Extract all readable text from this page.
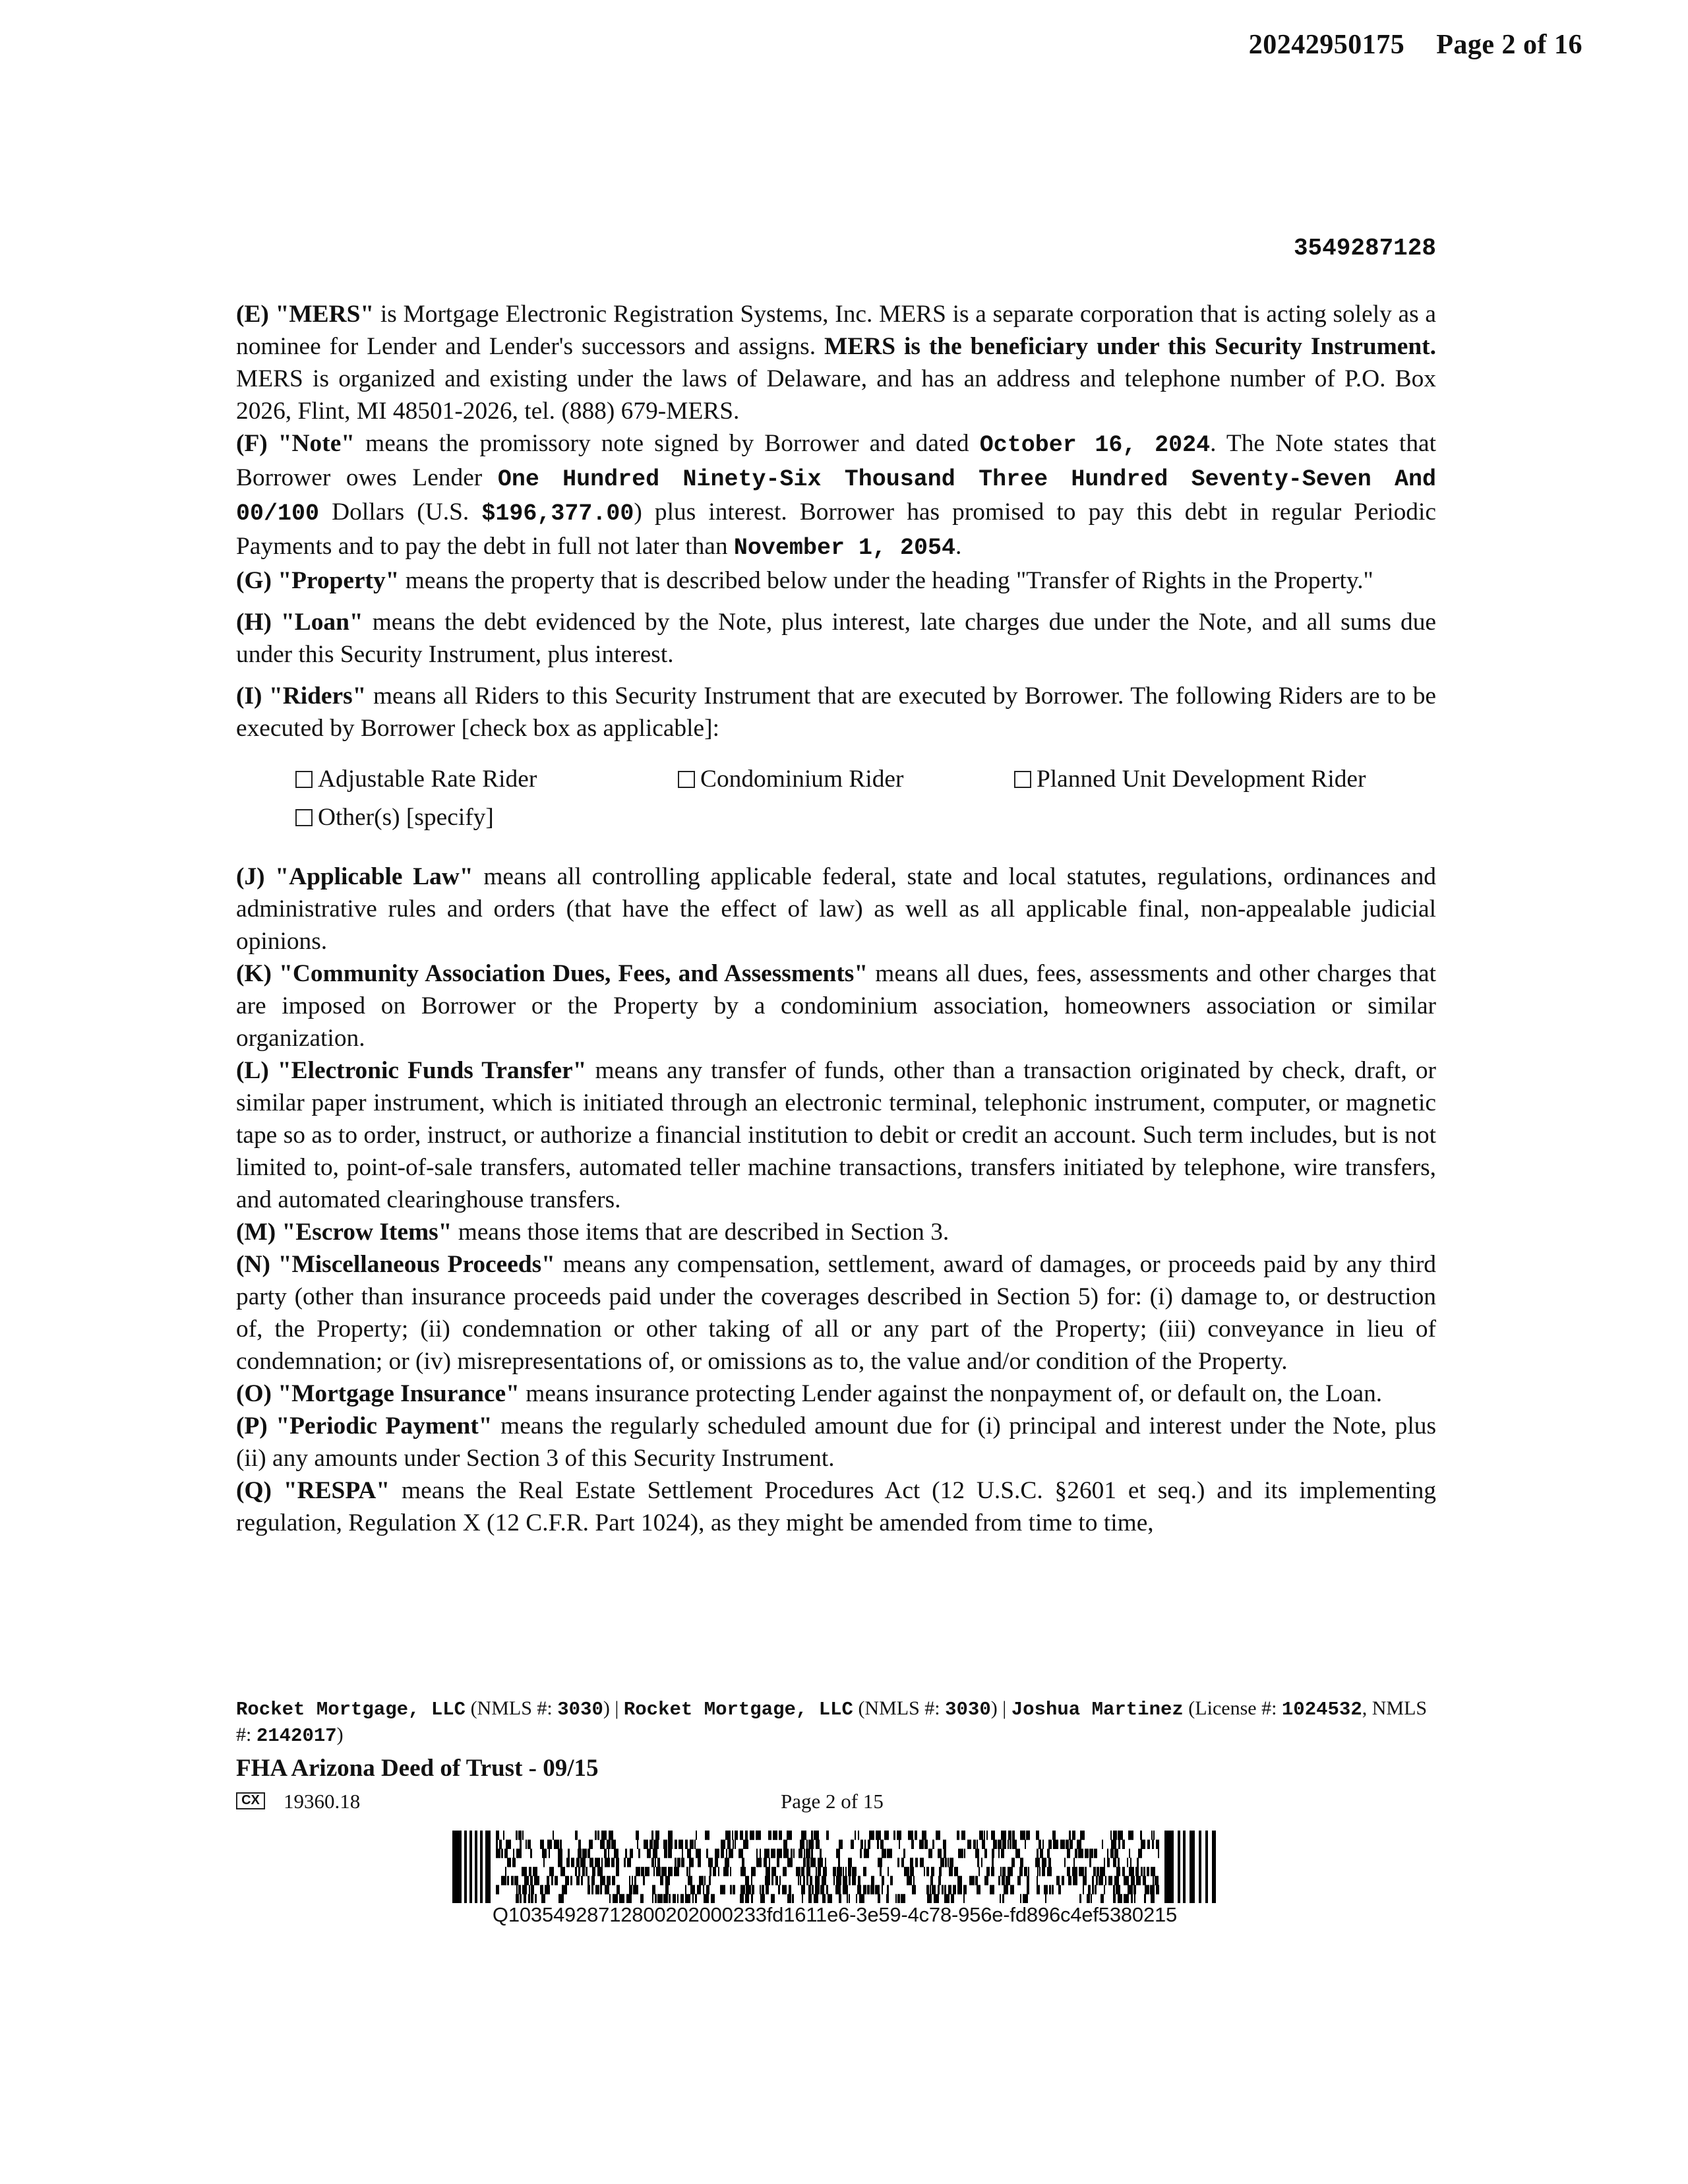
20242950175 Page 2 of 16
3549287128

(E) "MERS" is Mortgage Electronic Registration Systems, Inc. MERS is a separate corporation that is acting solely as a nominee for Lender and Lender's successors and assigns. MERS is the beneficiary under this Security Instrument. MERS is organized and existing under the laws of Delaware, and has an address and telephone number of P.O. Box 2026, Flint, MI 48501-2026, tel. (888) 679-MERS.

(F) "Note" means the promissory note signed by Borrower and dated October 16, 2024. The Note states that Borrower owes Lender One Hundred Ninety-Six Thousand Three Hundred Seventy-Seven And 00/100 Dollars (U.S. $196,377.00) plus interest. Borrower has promised to pay this debt in regular Periodic Payments and to pay the debt in full not later than November 1, 2054.

(G) "Property" means the property that is described below under the heading "Transfer of Rights in the Property."

(H) "Loan" means the debt evidenced by the Note, plus interest, late charges due under the Note, and all sums due under this Security Instrument, plus interest.

(I) "Riders" means all Riders to this Security Instrument that are executed by Borrower. The following Riders are to be executed by Borrower [check box as applicable]:

Adjustable Rate Rider	Condominium Rider	Planned Unit Development Rider
Other(s) [specify]

(J) "Applicable Law" means all controlling applicable federal, state and local statutes, regulations, ordinances and administrative rules and orders (that have the effect of law) as well as all applicable final, non-appealable judicial opinions.

(K) "Community Association Dues, Fees, and Assessments" means all dues, fees, assessments and other charges that are imposed on Borrower or the Property by a condominium association, homeowners association or similar organization.

(L) "Electronic Funds Transfer" means any transfer of funds, other than a transaction originated by check, draft, or similar paper instrument, which is initiated through an electronic terminal, telephonic instrument, computer, or magnetic tape so as to order, instruct, or authorize a financial institution to debit or credit an account. Such term includes, but is not limited to, point-of-sale transfers, automated teller machine transactions, transfers initiated by telephone, wire transfers, and automated clearinghouse transfers.

(M) "Escrow Items" means those items that are described in Section 3.

(N) "Miscellaneous Proceeds" means any compensation, settlement, award of damages, or proceeds paid by any third party (other than insurance proceeds paid under the coverages described in Section 5) for: (i) damage to, or destruction of, the Property; (ii) condemnation or other taking of all or any part of the Property; (iii) conveyance in lieu of condemnation; or (iv) misrepresentations of, or omissions as to, the value and/or condition of the Property.

(O) "Mortgage Insurance" means insurance protecting Lender against the nonpayment of, or default on, the Loan.

(P) "Periodic Payment" means the regularly scheduled amount due for (i) principal and interest under the Note, plus (ii) any amounts under Section 3 of this Security Instrument.

(Q) "RESPA" means the Real Estate Settlement Procedures Act (12 U.S.C. §2601 et seq.) and its implementing regulation, Regulation X (12 C.F.R. Part 1024), as they might be amended from time to time,

Rocket Mortgage, LLC (NMLS #: 3030) | Rocket Mortgage, LLC (NMLS #: 3030) | Joshua Martinez (License #: 1024532, NMLS #: 2142017)
FHA Arizona Deed of Trust - 09/15
CX 19360.18	Page 2 of 15
Q10354928712800202000233fd1611e6-3e59-4c78-956e-fd896c4ef5380215
